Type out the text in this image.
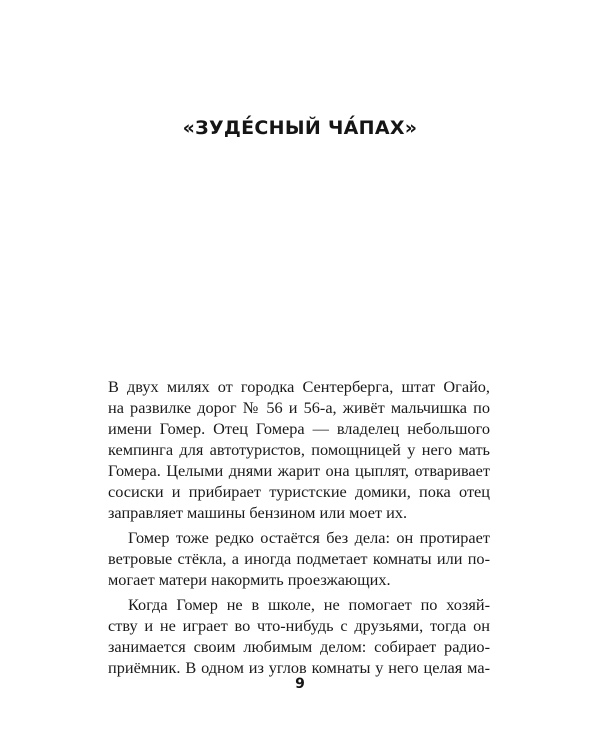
«ЗУДЕ́СНЫЙ ЧА́ПАХ»

В двух милях от городка Сентерберга, штат Огайо,
на развилке дорог № 56 и 56-а, живёт мальчишка по
имени Гомер. Отец Гомера — владелец небольшого
кемпинга для автотуристов, помощницей у него мать
Гомера. Целыми днями жарит она цыплят, отваривает
сосиски и прибирает туристские домики, пока отец
заправляет машины бензином или моет их.

Гомер тоже редко остаётся без дела: он протирает
ветровые стёкла, а иногда подметает комнаты или по-
могает матери накормить проезжающих.

Когда Гомер не в школе, не помогает по хозяй-
ству и не играет во что-нибудь с друзьями, тогда он
занимается своим любимым делом: собирает радио-
приёмник. В одном из углов комнаты у него целая ма-

9
